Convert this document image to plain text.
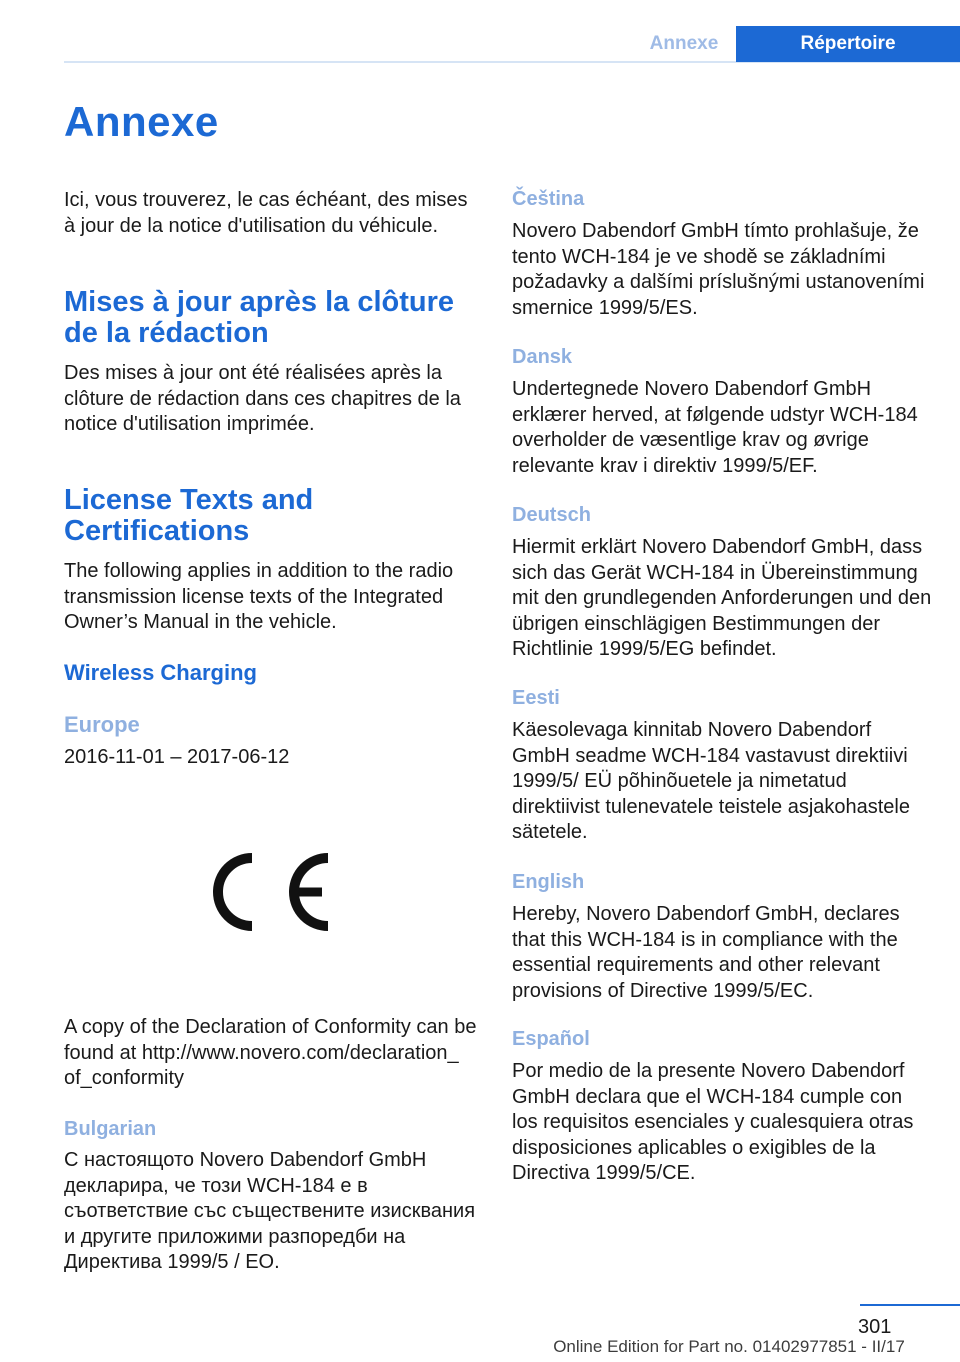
Annexe	Répertoire
Annexe

Ici, vous trouverez, le cas échéant, des mises à jour de la notice d'utilisation du véhicule.

Mises à jour après la clôture de la rédaction

Des mises à jour ont été réalisées après la clôture de rédaction dans ces chapitres de la notice d'utilisation imprimée.

License Texts and Certifications

The following applies in addition to the radio transmission license texts of the Integrated Owner’s Manual in the vehicle.

Wireless Charging
Europe

2016-11-01 – 2017-06-12

A copy of the Declaration of Conformity can be found at http://www.novero.com/declaration_ of_conformity

Bulgarian

С настоящото Novero Dabendorf GmbH декларира, че този WCH-184 е в съответствие със съществените изисквания и другите приложими разпоредби на Директива 1999/5 / ЕО.

Čeština

Novero Dabendorf GmbH tímto prohlašuje, že tento WCH-184 je ve shodě se základními požadavky a dalšími príslušnými ustanoveními smernice 1999/5/ES.

Dansk

Undertegnede Novero Dabendorf GmbH erklærer herved, at følgende udstyr WCH-184 overholder de væsentlige krav og øvrige relevante krav i direktiv 1999/5/EF.

Deutsch

Hiermit erklärt Novero Dabendorf GmbH, dass sich das Gerät WCH-184 in Übereinstimmung mit den grundlegenden Anforderungen und den übrigen einschlägigen Bestimmungen der Richtlinie 1999/5/EG befindet.

Eesti

Käesolevaga kinnitab Novero Dabendorf GmbH seadme WCH-184 vastavust direktiivi 1999/5/ EÜ põhinõuetele ja nimetatud direktiivist tulenevatele teistele asjakohastele sätetele.

English

Hereby, Novero Dabendorf GmbH, declares that this WCH-184 is in compliance with the essential requirements and other relevant provisions of Directive 1999/5/EC.

Español

Por medio de la presente Novero Dabendorf GmbH declara que el WCH-184 cumple con los requisitos esenciales y cualesquiera otras disposiciones aplicables o exigibles de la Directiva 1999/5/CE.

301
Online Edition for Part no. 01402977851 - II/17
